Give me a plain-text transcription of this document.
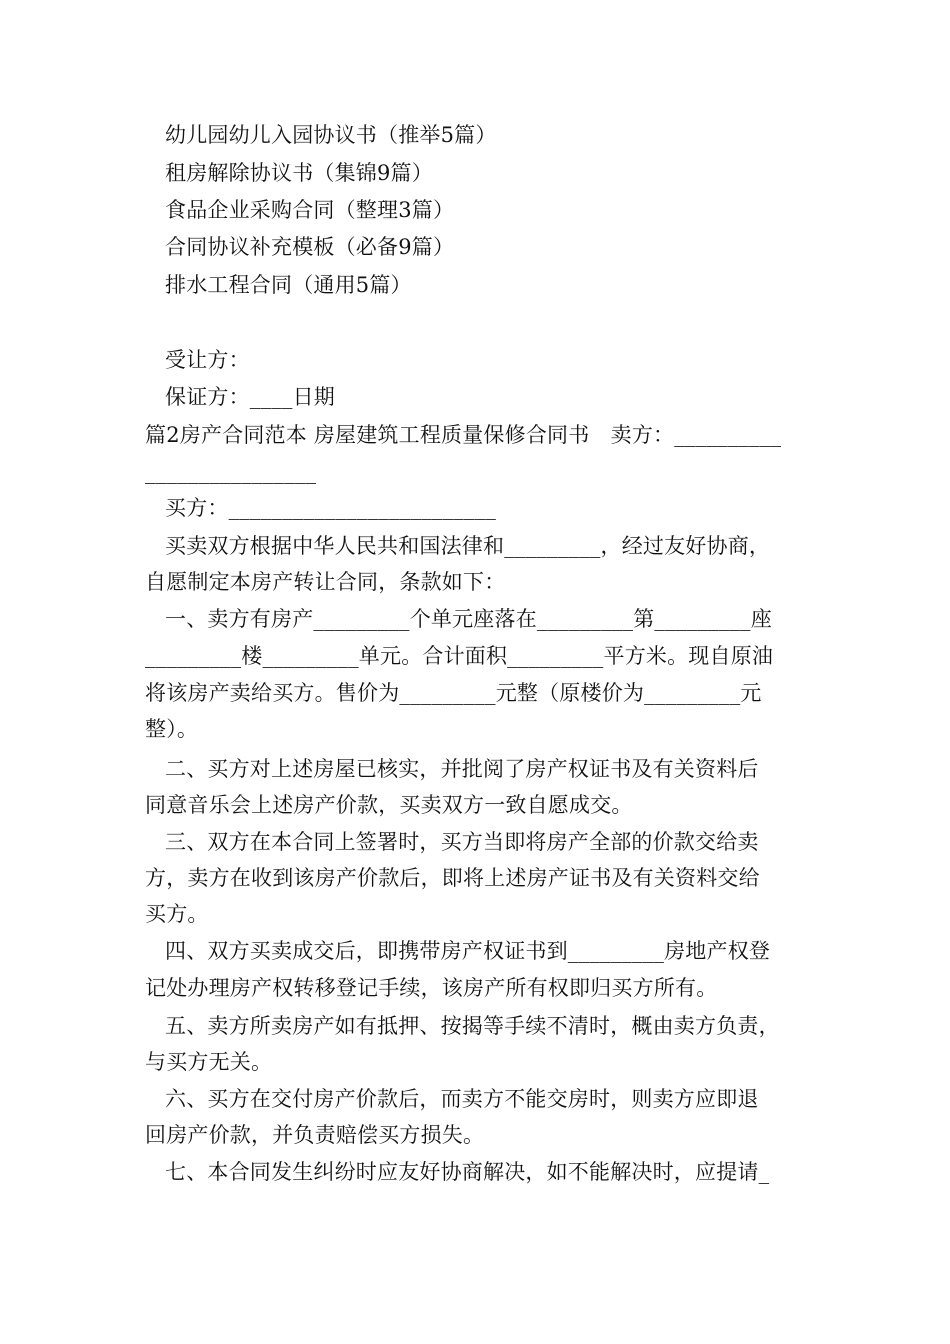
幼儿园幼儿入园协议书（推举5篇）
租房解除协议书（集锦9篇）
食品企业采购合同（整理3篇）
合同协议补充模板（必备9篇）
排水工程合同（通用5篇）
受让方：
保证方：____日期
篇2房产合同范本 房屋建筑工程质量保修合同书　卖方：__________
________________
买方：_________________________
买卖双方根据中华人民共和国法律和_________，经过友好协商，
自愿制定本房产转让合同，条款如下：
一、卖方有房产_________个单元座落在_________第_________座
_________楼_________单元。合计面积_________平方米。现自原油
将该房产卖给买方。售价为_________元整（原楼价为_________元
整）。
二、买方对上述房屋已核实，并批阅了房产权证书及有关资料后
同意音乐会上述房产价款，买卖双方一致自愿成交。
三、双方在本合同上签署时，买方当即将房产全部的价款交给卖
方，卖方在收到该房产价款后，即将上述房产证书及有关资料交给
买方。
四、双方买卖成交后，即携带房产权证书到_________房地产权登
记处办理房产权转移登记手续，该房产所有权即归买方所有。
五、卖方所卖房产如有抵押、按揭等手续不清时，概由卖方负责，
与买方无关。
六、买方在交付房产价款后，而卖方不能交房时，则卖方应即退
回房产价款，并负责赔偿买方损失。
七、本合同发生纠纷时应友好协商解决，如不能解决时，应提请_
